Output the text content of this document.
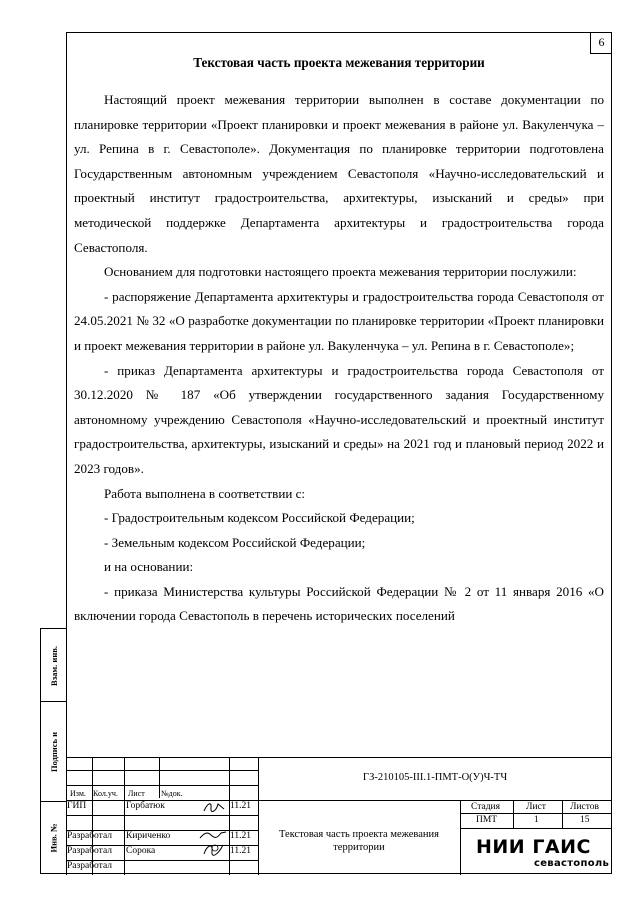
6
Взам. инв.
Подпись и
Инв. №
Текстовая часть проекта межевания территории

Настоящий проект межевания территории выполнен в составе документации по планировке территории «Проект планировки и проект межевания в районе ул. Вакуленчука – ул. Репина в г. Севастополе». Документация по планировке территории подготовлена Государственным автономным учреждением Севастополя «Научно-исследовательский и проектный институт градостроительства, архитектуры, изысканий и среды» при методической поддержке Департамента архитектуры и градостроительства города Севастополя.

Основанием для подготовки настоящего проекта межевания территории послужили:

- распоряжение Департамента архитектуры и градостроительства города Севастополя от 24.05.2021 № 32 «О разработке документации по планировке территории «Проект планировки и проект межевания территории в районе ул. Вакуленчука – ул. Репина в г. Севастополе»;

- приказ Департамента архитектуры и градостроительства города Севастополя от 30.12.2020 № 187 «Об утверждении государственного задания Государственному автономному учреждению Севастополя «Научно-исследовательский и проектный институт градостроительства, архитектуры, изысканий и среды» на 2021 год и плановый период 2022 и 2023 годов».

Работа выполнена в соответствии с:

- Градостроительным кодексом Российской Федерации;

- Земельным кодексом Российской Федерации;

и на основании:

- приказа Министерства культуры Российской Федерации № 2 от 11 января 2016 «О включении города Севастополь в перечень исторических поселений

Изм. Кол.уч. Лист №док.
ГИП	Горбатюк	11.21
Разработал Кириченко	11.21
Разработал Сорока	11.21
Разработал
ГЗ-210105-III.1-ПМТ-О(У)Ч-ТЧ
Текстовая часть проекта межевания территории
Стадия	Лист	Листов
ПМТ	1	15
НИИ ГАИС
севастополь
